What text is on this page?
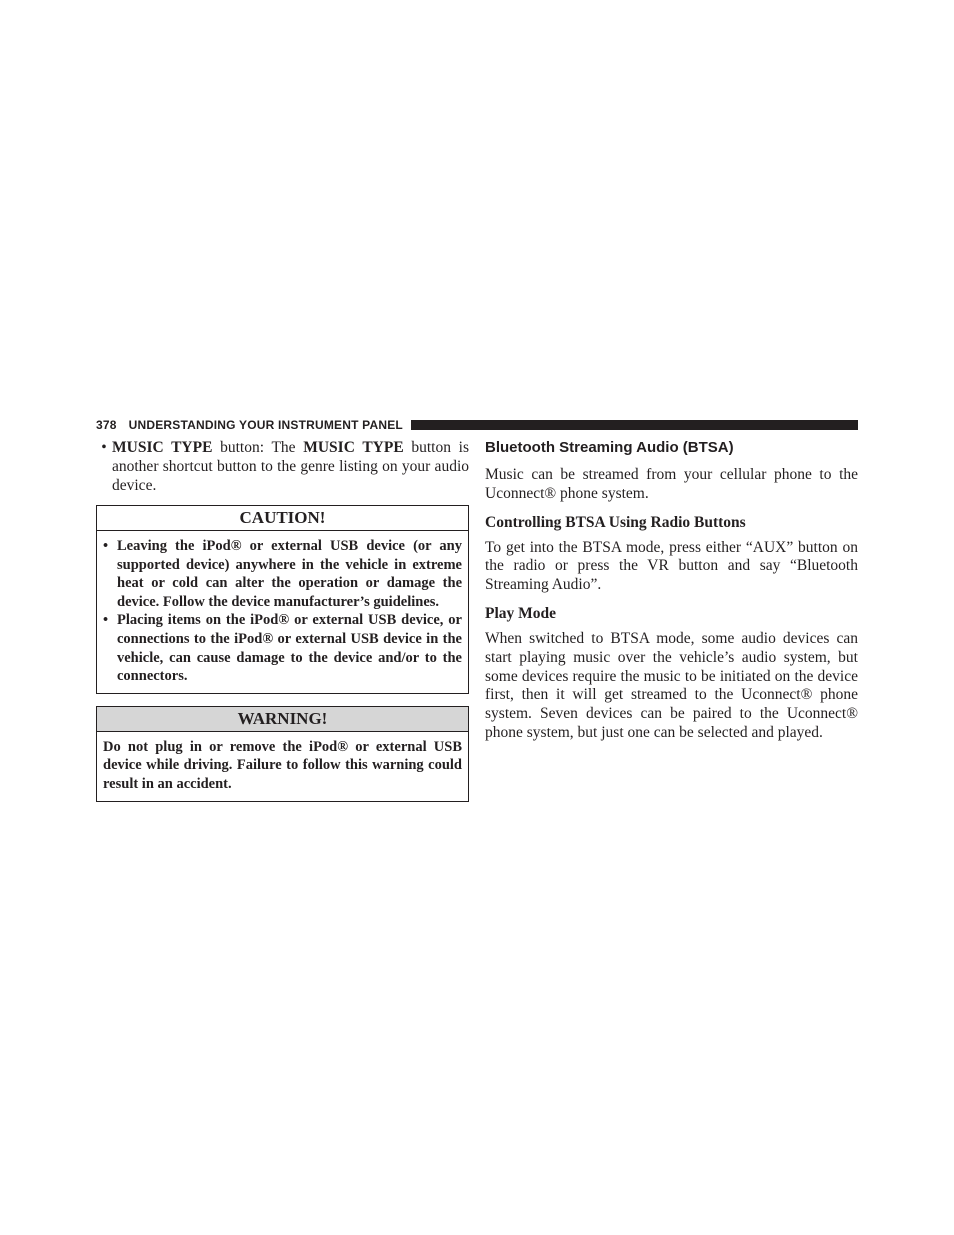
378 UNDERSTANDING YOUR INSTRUMENT PANEL
• MUSIC TYPE button: The MUSIC TYPE button is another shortcut button to the genre listing on your audio device.
CAUTION!
• Leaving the iPod® or external USB device (or any supported device) anywhere in the vehicle in extreme heat or cold can alter the operation or damage the device. Follow the device manufacturer’s guidelines.
• Placing items on the iPod® or external USB device, or connections to the iPod® or external USB device in the vehicle, can cause damage to the device and/or to the connectors.
WARNING!

Do not plug in or remove the iPod® or external USB device while driving. Failure to follow this warning could result in an accident.

Bluetooth Streaming Audio (BTSA)

Music can be streamed from your cellular phone to the Uconnect® phone system.

Controlling BTSA Using Radio Buttons

To get into the BTSA mode, press either “AUX” button on the radio or press the VR button and say “Bluetooth Streaming Audio”.

Play Mode

When switched to BTSA mode, some audio devices can start playing music over the vehicle’s audio system, but some devices require the music to be initiated on the device first, then it will get streamed to the Uconnect® phone system. Seven devices can be paired to the Uconnect® phone system, but just one can be selected and played.
